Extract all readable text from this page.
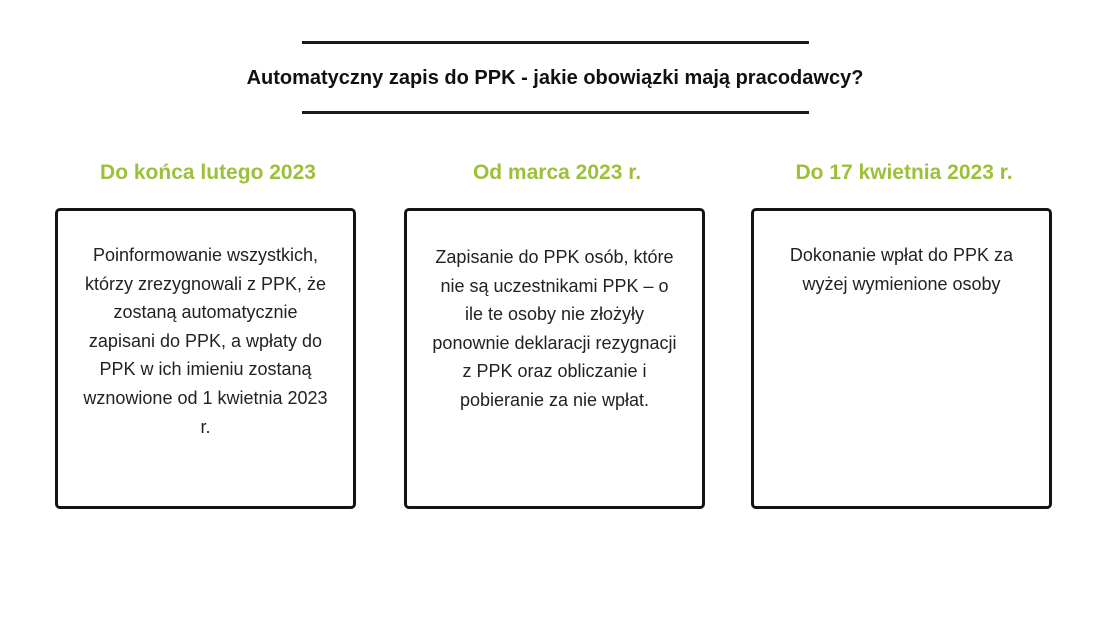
Automatyczny zapis do PPK - jakie obowiązki mają pracodawcy?
Do końca lutego 2023	Od marca 2023 r.	Do 17 kwietnia 2023 r.
Poinformowanie wszystkich, którzy zrezygnowali z PPK, że zostaną automatycznie zapisani do PPK, a wpłaty do PPK w ich imieniu zostaną wznowione od 1 kwietnia 2023 r.
Zapisanie do PPK osób, które nie są uczestnikami PPK – o ile te osoby nie złożyły ponownie deklaracji rezygnacji z PPK oraz obliczanie i pobieranie za nie wpłat.
Dokonanie wpłat do PPK za wyżej wymienione osoby
